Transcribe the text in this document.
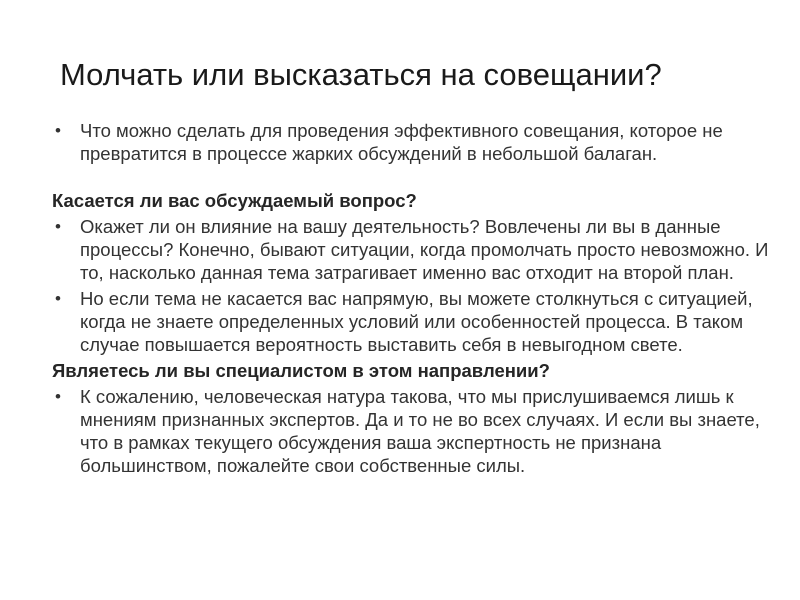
Молчать или высказаться на совещании?
• Что можно сделать для проведения эффективного совещания, которое не превратится в процессе жарких обсуждений в небольшой балаган.
Касается ли вас обсуждаемый вопрос?
• Окажет ли он влияние на вашу деятельность? Вовлечены ли вы в данные процессы? Конечно, бывают ситуации, когда промолчать просто невозможно. И то, насколько данная тема затрагивает именно вас отходит на второй план.
• Но если тема не касается вас напрямую, вы можете столкнуться с ситуацией, когда не знаете определенных условий или особенностей процесса. В таком случае повышается вероятность выставить себя в невыгодном свете.
Являетесь ли вы специалистом в этом направлении?
• К сожалению, человеческая натура такова, что мы прислушиваемся лишь к мнениям признанных экспертов. Да и то не во всех случаях. И если вы знаете, что в рамках текущего обсуждения ваша экспертность не признана большинством, пожалейте свои собственные силы.
